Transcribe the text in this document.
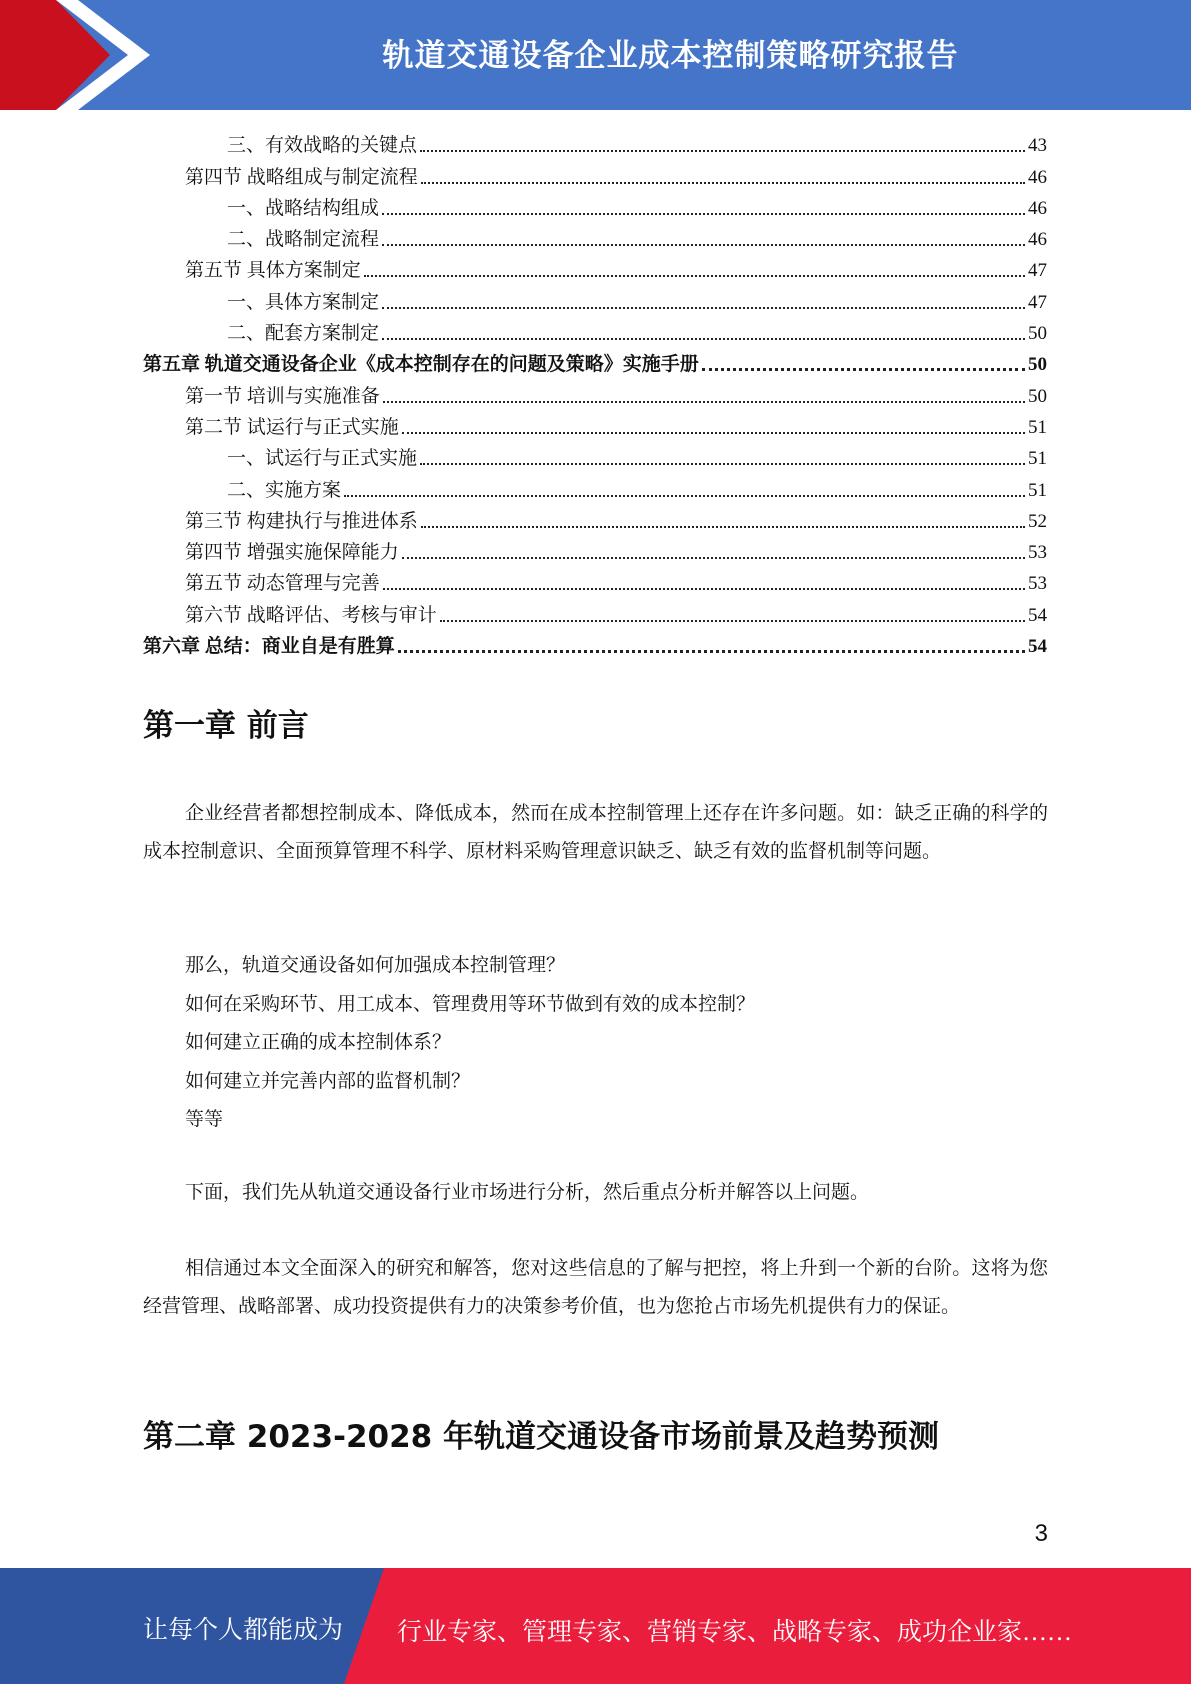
轨道交通设备企业成本控制策略研究报告
三、有效战略的关键点	43
第四节 战略组成与制定流程	46
一、战略结构组成	46
二、战略制定流程	46
第五节 具体方案制定	47
一、具体方案制定	47
二、配套方案制定	50
第五章 轨道交通设备企业《成本控制存在的问题及策略》实施手册	50
第一节 培训与实施准备	50
第二节 试运行与正式实施	51
一、试运行与正式实施	51
二、实施方案	51
第三节 构建执行与推进体系	52
第四节 增强实施保障能力	53
第五节 动态管理与完善	53
第六节 战略评估、考核与审计	54
第六章 总结：商业自是有胜算	54
第一章 前言

企业经营者都想控制成本、降低成本，然而在成本控制管理上还存在许多问题。如：缺乏正确的科学的成本控制意识、全面预算管理不科学、原材料采购管理意识缺乏、缺乏有效的监督机制等问题。

那么，轨道交通设备如何加强成本控制管理？
如何在采购环节、用工成本、管理费用等环节做到有效的成本控制？
如何建立正确的成本控制体系？
如何建立并完善内部的监督机制？
等等

下面，我们先从轨道交通设备行业市场进行分析，然后重点分析并解答以上问题。

相信通过本文全面深入的研究和解答，您对这些信息的了解与把控，将上升到一个新的台阶。这将为您经营管理、战略部署、成功投资提供有力的决策参考价值，也为您抢占市场先机提供有力的保证。

第二章 2023-2028 年轨道交通设备市场前景及趋势预测
3
让每个人都能成为 行业专家、管理专家、营销专家、战略专家、成功企业家……
